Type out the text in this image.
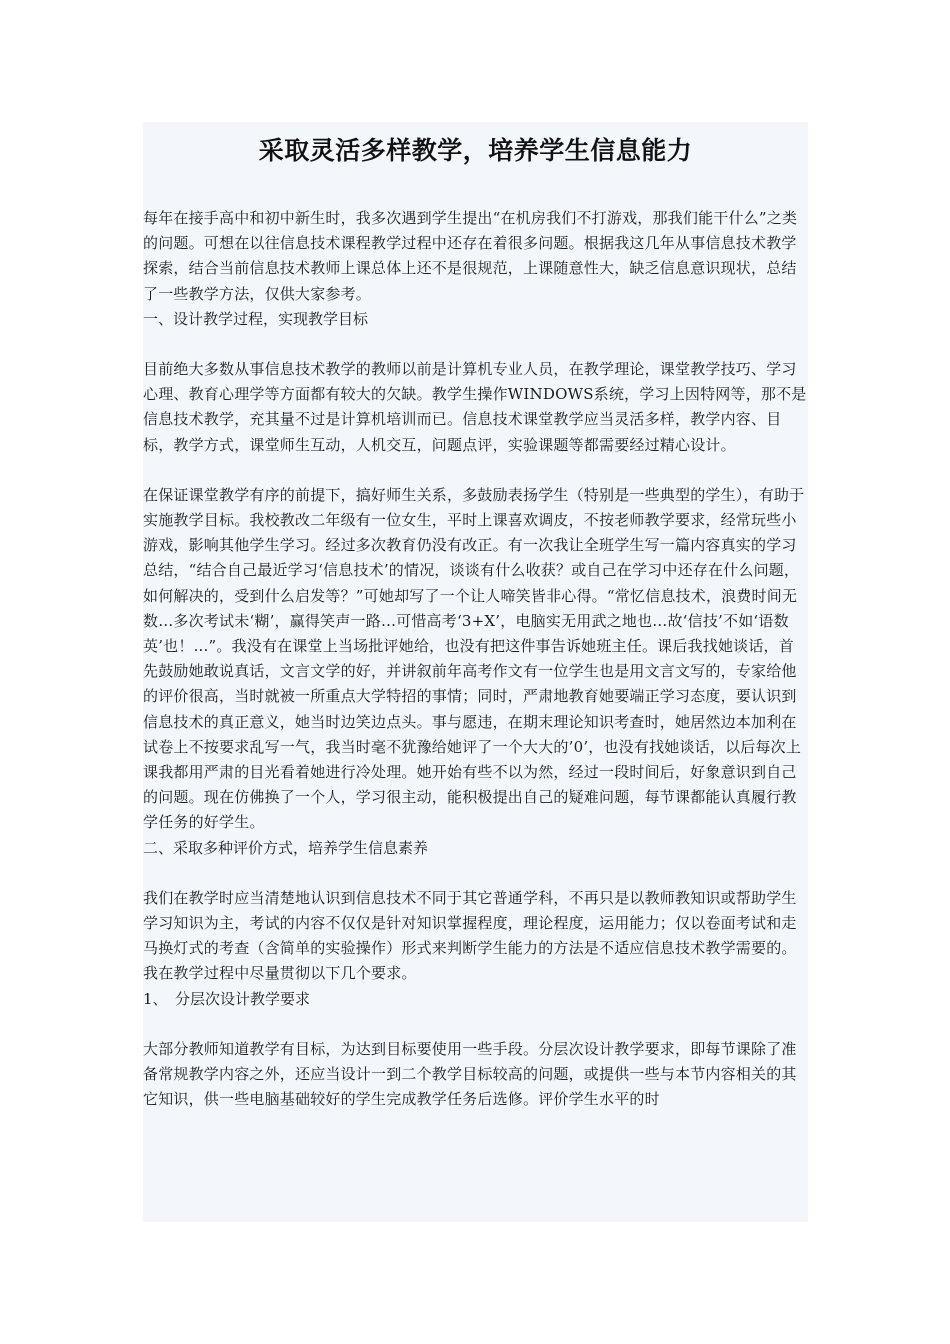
采取灵活多样教学，培养学生信息能力

每年在接手高中和初中新生时，我多次遇到学生提出“在机房我们不打游戏，那我们能干什么”之类的问题。可想在以往信息技术课程教学过程中还存在着很多问题。根据我这几年从事信息技术教学探索，结合当前信息技术教师上课总体上还不是很规范，上课随意性大，缺乏信息意识现状，总结了一些教学方法，仅供大家参考。

一、设计教学过程，实现教学目标

目前绝大多数从事信息技术教学的教师以前是计算机专业人员，在教学理论，课堂教学技巧、学习心理、教育心理学等方面都有较大的欠缺。教学生操作WINDOWS系统，学习上因特网等，那不是信息技术教学，充其量不过是计算机培训而已。信息技术课堂教学应当灵活多样，教学内容、目标，教学方式，课堂师生互动，人机交互，问题点评，实验课题等都需要经过精心设计。

在保证课堂教学有序的前提下，搞好师生关系，多鼓励表扬学生（特别是一些典型的学生），有助于实施教学目标。我校教改二年级有一位女生，平时上课喜欢调皮，不按老师教学要求，经常玩些小游戏，影响其他学生学习。经过多次教育仍没有改正。有一次我让全班学生写一篇内容真实的学习总结，“结合自己最近学习‘信息技术’的情况，谈谈有什么收获？或自己在学习中还存在什么问题，如何解决的，受到什么启发等？”可她却写了一个让人啼笑皆非心得。“常忆信息技术，浪费时间无数…多次考试未‘糊’，赢得笑声一路…可惜高考‘3+X’，电脑实无用武之地也…故‘信技’不如‘语数英’也！...”。我没有在课堂上当场批评她给，也没有把这件事告诉她班主任。课后我找她谈话，首先鼓励她敢说真话，文言文学的好，并讲叙前年高考作文有一位学生也是用文言文写的，专家给他的评价很高，当时就被一所重点大学特招的事情；同时，严肃地教育她要端正学习态度，要认识到信息技术的真正意义，她当时边笑边点头。事与愿违，在期末理论知识考查时，她居然边本加利在试卷上不按要求乱写一气，我当时毫不犹豫给她评了一个大大的’0’，也没有找她谈话，以后每次上课我都用严肃的目光看着她进行冷处理。她开始有些不以为然，经过一段时间后，好象意识到自己的问题。现在仿佛换了一个人，学习很主动，能积极提出自己的疑难问题，每节课都能认真履行教学任务的好学生。

二、采取多种评价方式，培养学生信息素养

我们在教学时应当清楚地认识到信息技术不同于其它普通学科，不再只是以教师教知识或帮助学生学习知识为主，考试的内容不仅仅是针对知识掌握程度，理论程度，运用能力；仅以卷面考试和走马换灯式的考查（含简单的实验操作）形式来判断学生能力的方法是不适应信息技术教学需要的。我在教学过程中尽量贯彻以下几个要求。

1、　分层次设计教学要求

大部分教师知道教学有目标，为达到目标要使用一些手段。分层次设计教学要求，即每节课除了准备常规教学内容之外，还应当设计一到二个教学目标较高的问题，或提供一些与本节内容相关的其它知识，供一些电脑基础较好的学生完成教学任务后选修。评价学生水平的时
